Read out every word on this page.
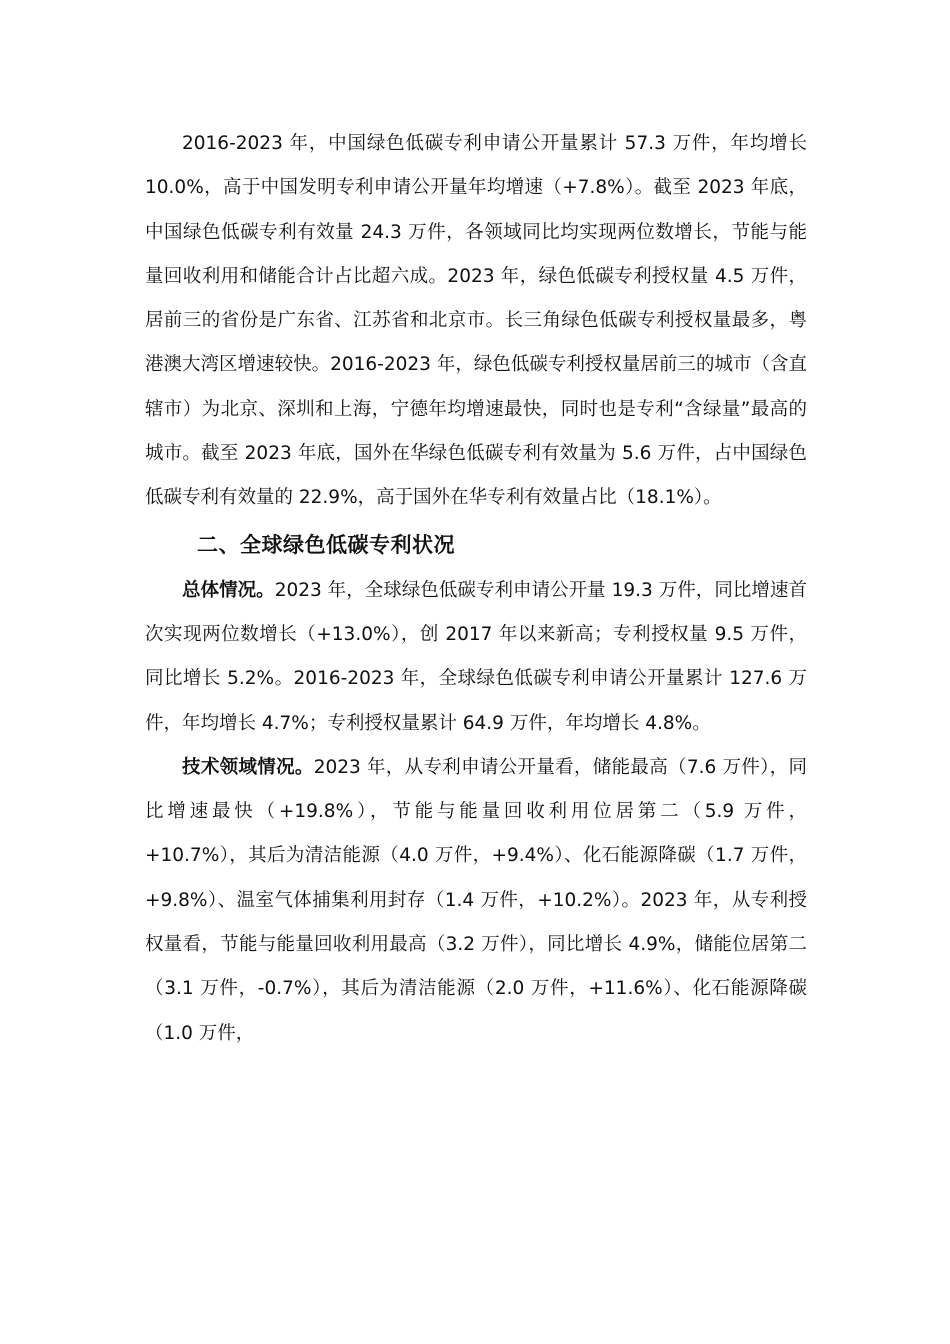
2016-2023 年，中国绿色低碳专利申请公开量累计 57.3 万件，年均增长 10.0%，高于中国发明专利申请公开量年均增速（+7.8%）。截至 2023 年底，中国绿色低碳专利有效量 24.3 万件，各领域同比均实现两位数增长，节能与能量回收利用和储能合计占比超六成。2023 年，绿色低碳专利授权量 4.5 万件，居前三的省份是广东省、江苏省和北京市。长三角绿色低碳专利授权量最多，粤港澳大湾区增速较快。2016-2023 年，绿色低碳专利授权量居前三的城市（含直辖市）为北京、深圳和上海，宁德年均增速最快，同时也是专利“含绿量”最高的城市。截至 2023 年底，国外在华绿色低碳专利有效量为 5.6 万件，占中国绿色低碳专利有效量的 22.9%，高于国外在华专利有效量占比（18.1%）。

二、全球绿色低碳专利状况

总体情况。2023 年，全球绿色低碳专利申请公开量 19.3 万件，同比增速首次实现两位数增长（+13.0%），创 2017 年以来新高；专利授权量 9.5 万件，同比增长 5.2%。2016-2023 年，全球绿色低碳专利申请公开量累计 127.6 万件，年均增长 4.7%；专利授权量累计 64.9 万件，年均增长 4.8%。

技术领域情况。2023 年，从专利申请公开量看，储能最高（7.6 万件），同比增速最快（+19.8%），节能与能量回收利用位居第二（5.9 万件，+10.7%），其后为清洁能源（4.0 万件，+9.4%）、化石能源降碳（1.7 万件，+9.8%）、温室气体捕集利用封存（1.4 万件，+10.2%）。2023 年，从专利授权量看，节能与能量回收利用最高（3.2 万件），同比增长 4.9%，储能位居第二（3.1 万件，-0.7%），其后为清洁能源（2.0 万件，+11.6%）、化石能源降碳（1.0 万件，
